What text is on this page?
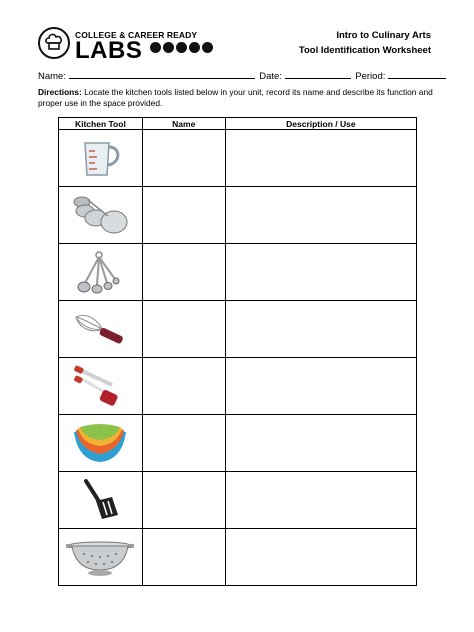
COLLEGE & CAREER READY
LABS
Intro to Culinary Arts
Tool Identification Worksheet
Name:	Date:	Period:
Directions: Locate the kitchen tools listed below in your unit, record its name and describe its function and proper use in the space provided.
Kitchen Tool	Name	Description / Use
